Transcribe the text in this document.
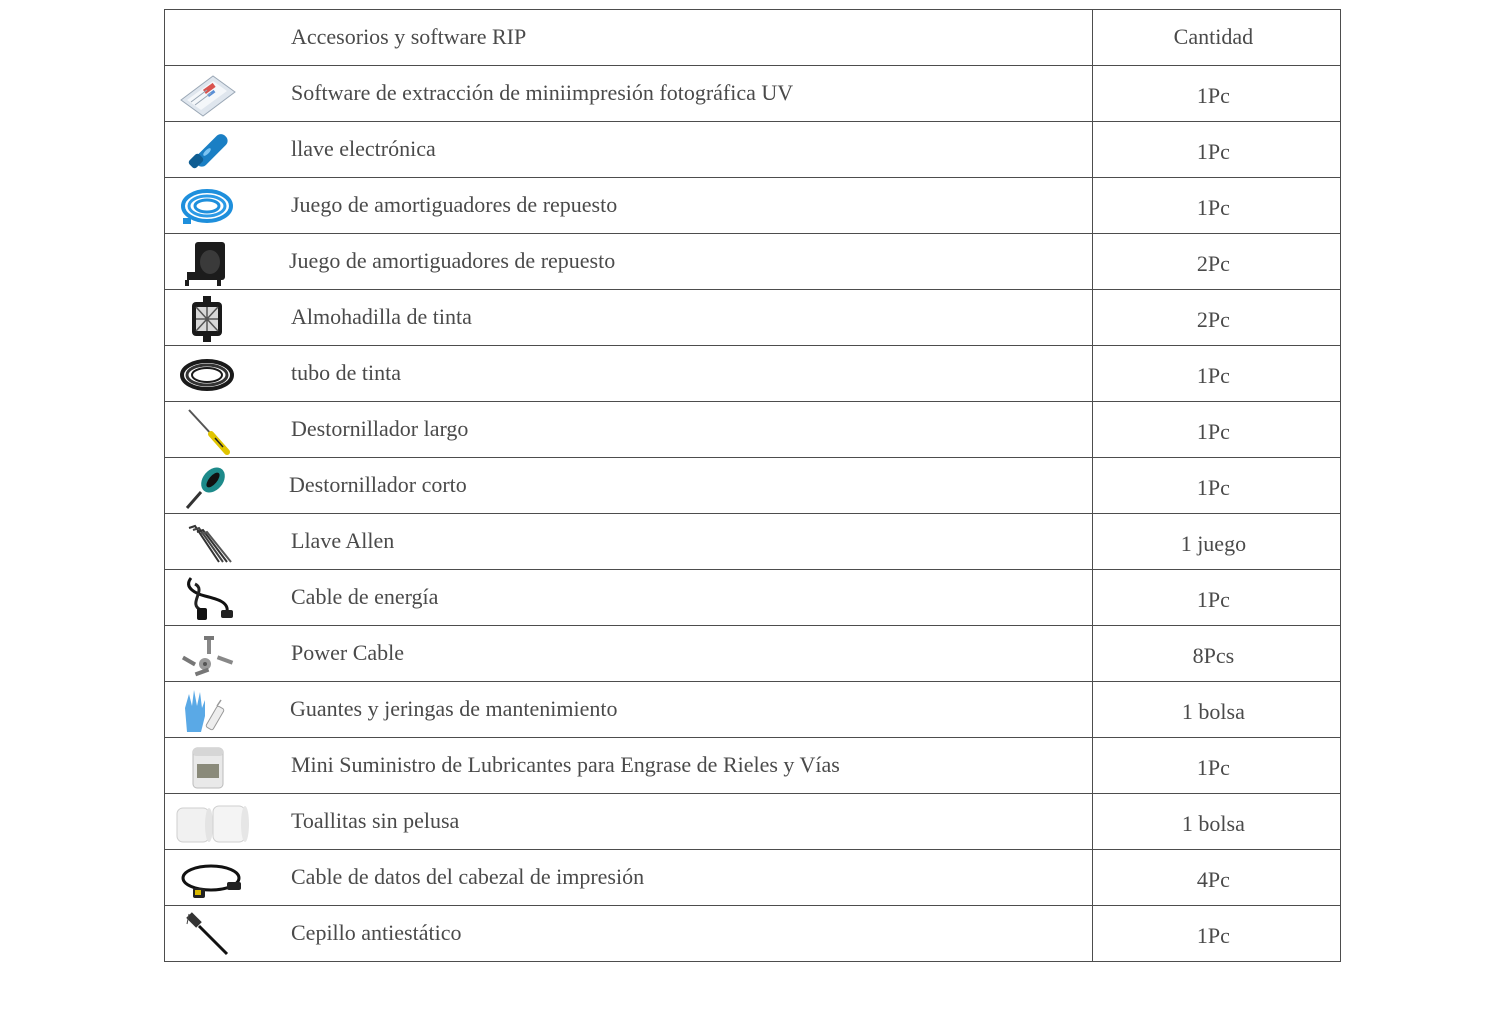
Accesorios y software RIP	Cantidad

Software de extracción de miniimpresión fotográfica UV	1Pc

llave electrónica	1Pc

Juego de amortiguadores de repuesto	1Pc

Juego de amortiguadores de repuesto	2Pc

Almohadilla de tinta	2Pc

tubo de tinta	1Pc

Destornillador largo	1Pc

Destornillador corto	1Pc

Llave Allen	1 juego

Cable de energía	1Pc

Power Cable	8Pcs

Guantes y jeringas de mantenimiento	1 bolsa

Mini Suministro de Lubricantes para Engrase de Rieles y Vías	1Pc

Toallitas sin pelusa	1 bolsa

Cable de datos del cabezal de impresión	4Pc

Cepillo antiestático	1Pc
